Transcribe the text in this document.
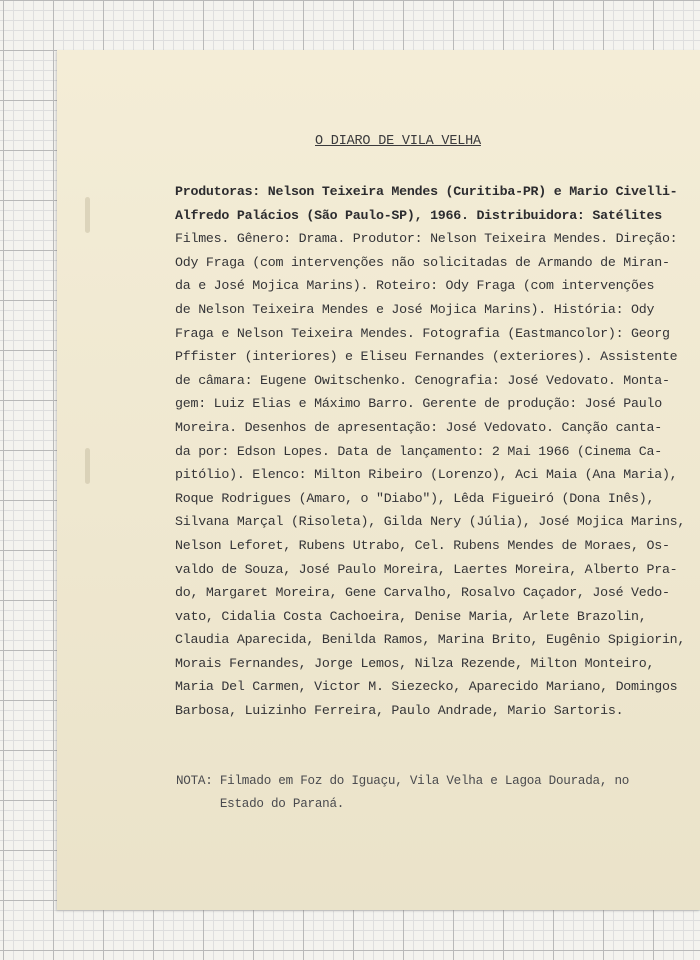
O DIARO DE VILA VELHA
Produtoras: Nelson Teixeira Mendes (Curitiba-PR) e Mario Civelli-
Alfredo Palácios (São Paulo-SP), 1966. Distribuidora: Satélites
Filmes. Gênero: Drama. Produtor: Nelson Teixeira Mendes. Direção:
Ody Fraga (com intervenções não solicitadas de Armando de Miran-
da e José Mojica Marins). Roteiro: Ody Fraga (com intervenções
de Nelson Teixeira Mendes e José Mojica Marins). História: Ody
Fraga e Nelson Teixeira Mendes. Fotografia (Eastmancolor): Georg
Pffister (interiores) e Eliseu Fernandes (exteriores). Assistente
de câmara: Eugene Owitschenko. Cenografia: José Vedovato. Monta-
gem: Luiz Elias e Máximo Barro. Gerente de produção: José Paulo
Moreira. Desenhos de apresentação: José Vedovato. Canção canta-
da por: Edson Lopes. Data de lançamento: 2 Mai 1966 (Cinema Ca-
pitólio). Elenco: Milton Ribeiro (Lorenzo), Aci Maia (Ana Maria),
Roque Rodrigues (Amaro, o "Diabo"), Lêda Figueiró (Dona Inês),
Silvana Marçal (Risoleta), Gilda Nery (Júlia), José Mojica Marins,
Nelson Leforet, Rubens Utrabo, Cel. Rubens Mendes de Moraes, Os-
valdo de Souza, José Paulo Moreira, Laertes Moreira, Alberto Pra-
do, Margaret Moreira, Gene Carvalho, Rosalvo Caçador, José Vedo-
vato, Cidalia Costa Cachoeira, Denise Maria, Arlete Brazolin,
Claudia Aparecida, Benilda Ramos, Marina Brito, Eugênio Spigiorin,
Morais Fernandes, Jorge Lemos, Nilza Rezende, Milton Monteiro,
Maria Del Carmen, Victor M. Siezecko, Aparecido Mariano, Domingos
Barbosa, Luizinho Ferreira, Paulo Andrade, Mario Sartoris.
NOTA: Filmado em Foz do Iguaçu, Vila Velha e Lagoa Dourada, no
Estado do Paraná.
